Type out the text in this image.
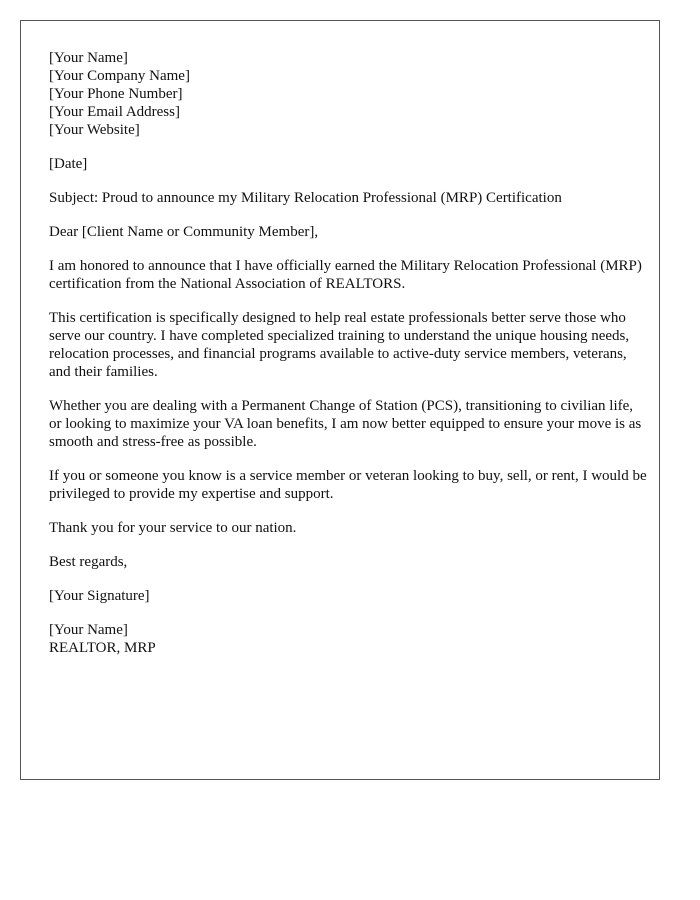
[Your Name]
[Your Company Name]
[Your Phone Number]
[Your Email Address]
[Your Website]

[Date]

Subject: Proud to announce my Military Relocation Professional (MRP) Certification

Dear [Client Name or Community Member],

I am honored to announce that I have officially earned the Military Relocation Professional (MRP) certification from the National Association of REALTORS.

This certification is specifically designed to help real estate professionals better serve those who serve our country. I have completed specialized training to understand the unique housing needs, relocation processes, and financial programs available to active-duty service members, veterans, and their families.

Whether you are dealing with a Permanent Change of Station (PCS), transitioning to civilian life, or looking to maximize your VA loan benefits, I am now better equipped to ensure your move is as smooth and stress-free as possible.

If you or someone you know is a service member or veteran looking to buy, sell, or rent, I would be privileged to provide my expertise and support.

Thank you for your service to our nation.

Best regards,

[Your Signature]

[Your Name]
REALTOR, MRP
